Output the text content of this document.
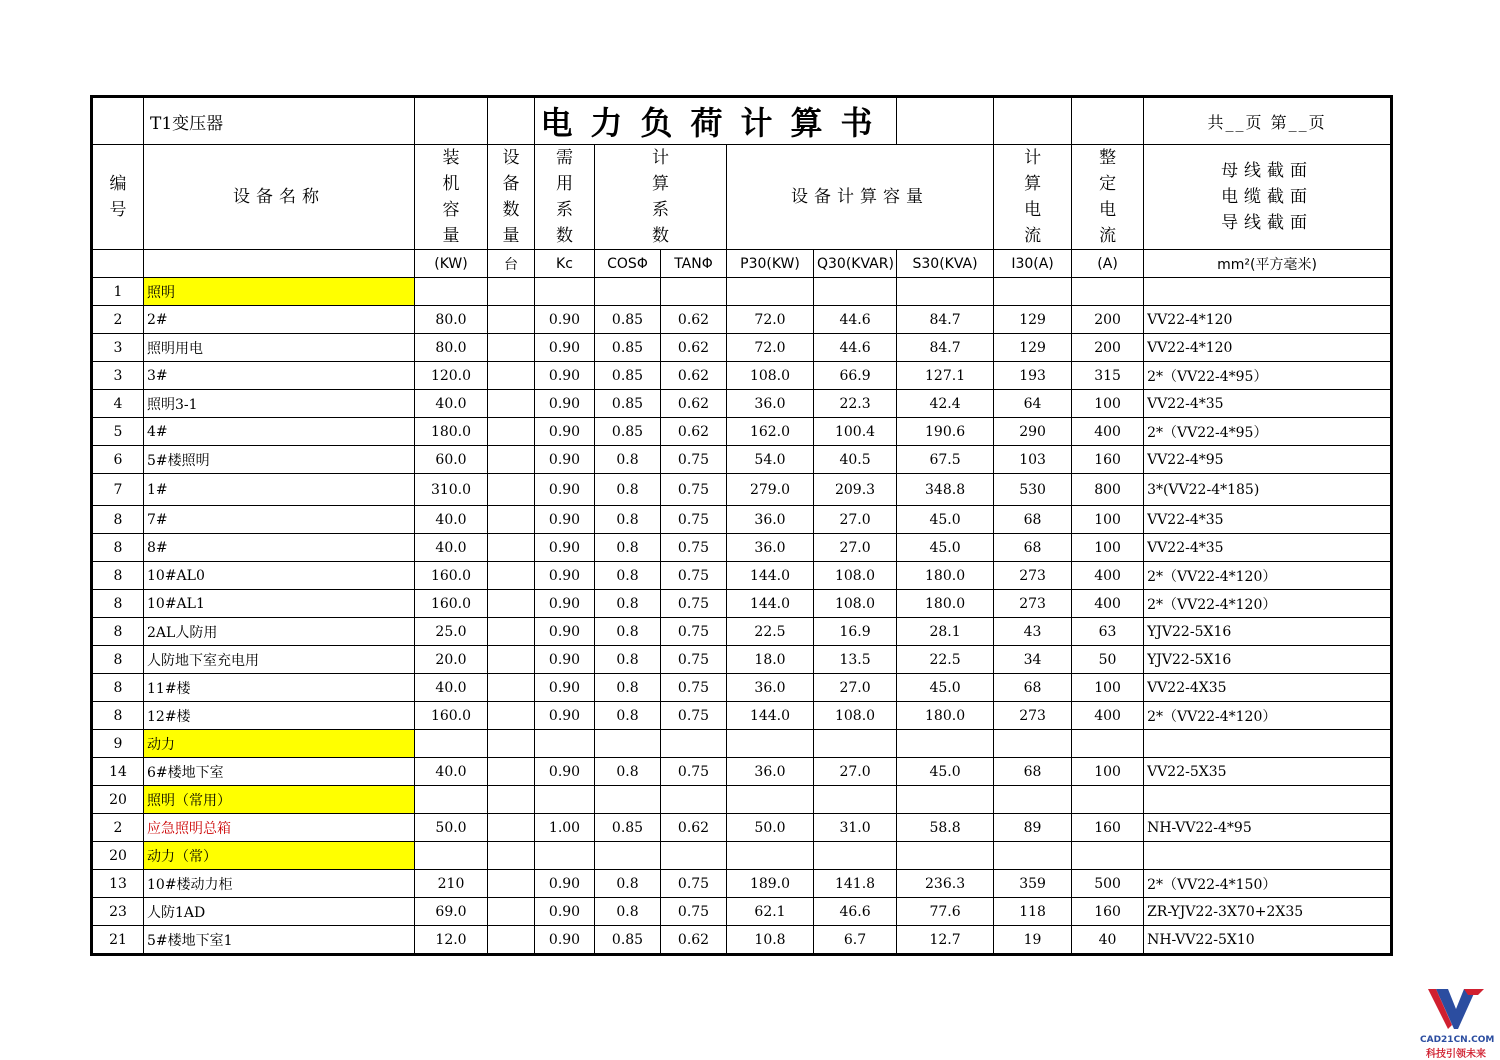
	T1变压器			电力负荷计算书								共__页 第__页
编号	设备名称	装机容量	设备数量	需用系数	计算系数		设备计算容量			计算电流	整定电流	母线截面
电缆截面
导线截面

		(KW)	台	Kc	COSΦ	TANΦ	P30(KW)	Q30(KVAR)	S30(KVA)	I30(A)	(A)	mm²(平方毫米)
1	照明											
2	2#	80.0		0.90	0.85	0.62	72.0	44.6	84.7	129	200	VV22-4*120
3	照明用电	80.0		0.90	0.85	0.62	72.0	44.6	84.7	129	200	VV22-4*120
3	3#	120.0		0.90	0.85	0.62	108.0	66.9	127.1	193	315	2*（VV22-4*95）
4	照明3-1	40.0		0.90	0.85	0.62	36.0	22.3	42.4	64	100	VV22-4*35
5	4#	180.0		0.90	0.85	0.62	162.0	100.4	190.6	290	400	2*（VV22-4*95）
6	5#楼照明	60.0		0.90	0.8	0.75	54.0	40.5	67.5	103	160	VV22-4*95
7	1#	310.0		0.90	0.8	0.75	279.0	209.3	348.8	530	800	3*(VV22-4*185)
8	7#	40.0		0.90	0.8	0.75	36.0	27.0	45.0	68	100	VV22-4*35
8	8#	40.0		0.90	0.8	0.75	36.0	27.0	45.0	68	100	VV22-4*35
8	10#AL0	160.0		0.90	0.8	0.75	144.0	108.0	180.0	273	400	2*（VV22-4*120）
8	10#AL1	160.0		0.90	0.8	0.75	144.0	108.0	180.0	273	400	2*（VV22-4*120）
8	2AL人防用	25.0		0.90	0.8	0.75	22.5	16.9	28.1	43	63	YJV22-5X16
8	人防地下室充电用	20.0		0.90	0.8	0.75	18.0	13.5	22.5	34	50	YJV22-5X16
8	11#楼	40.0		0.90	0.8	0.75	36.0	27.0	45.0	68	100	VV22-4X35
8	12#楼	160.0		0.90	0.8	0.75	144.0	108.0	180.0	273	400	2*（VV22-4*120）
9	动力											
14	6#楼地下室	40.0		0.90	0.8	0.75	36.0	27.0	45.0	68	100	VV22-5X35
20	照明（常用）											
2	应急照明总箱	50.0		1.00	0.85	0.62	50.0	31.0	58.8	89	160	NH-VV22-4*95
20	动力（常）											
13	10#楼动力柜	210		0.90	0.8	0.75	189.0	141.8	236.3	359	500	2*（VV22-4*150）
23	人防1AD	69.0		0.90	0.8	0.75	62.1	46.6	77.6	118	160	ZR-YJV22-3X70+2X35
21	5#楼地下室1	12.0		0.90	0.85	0.62	10.8	6.7	12.7	19	40	NH-VV22-5X10
CAD21CN.COM
科技引领未来
